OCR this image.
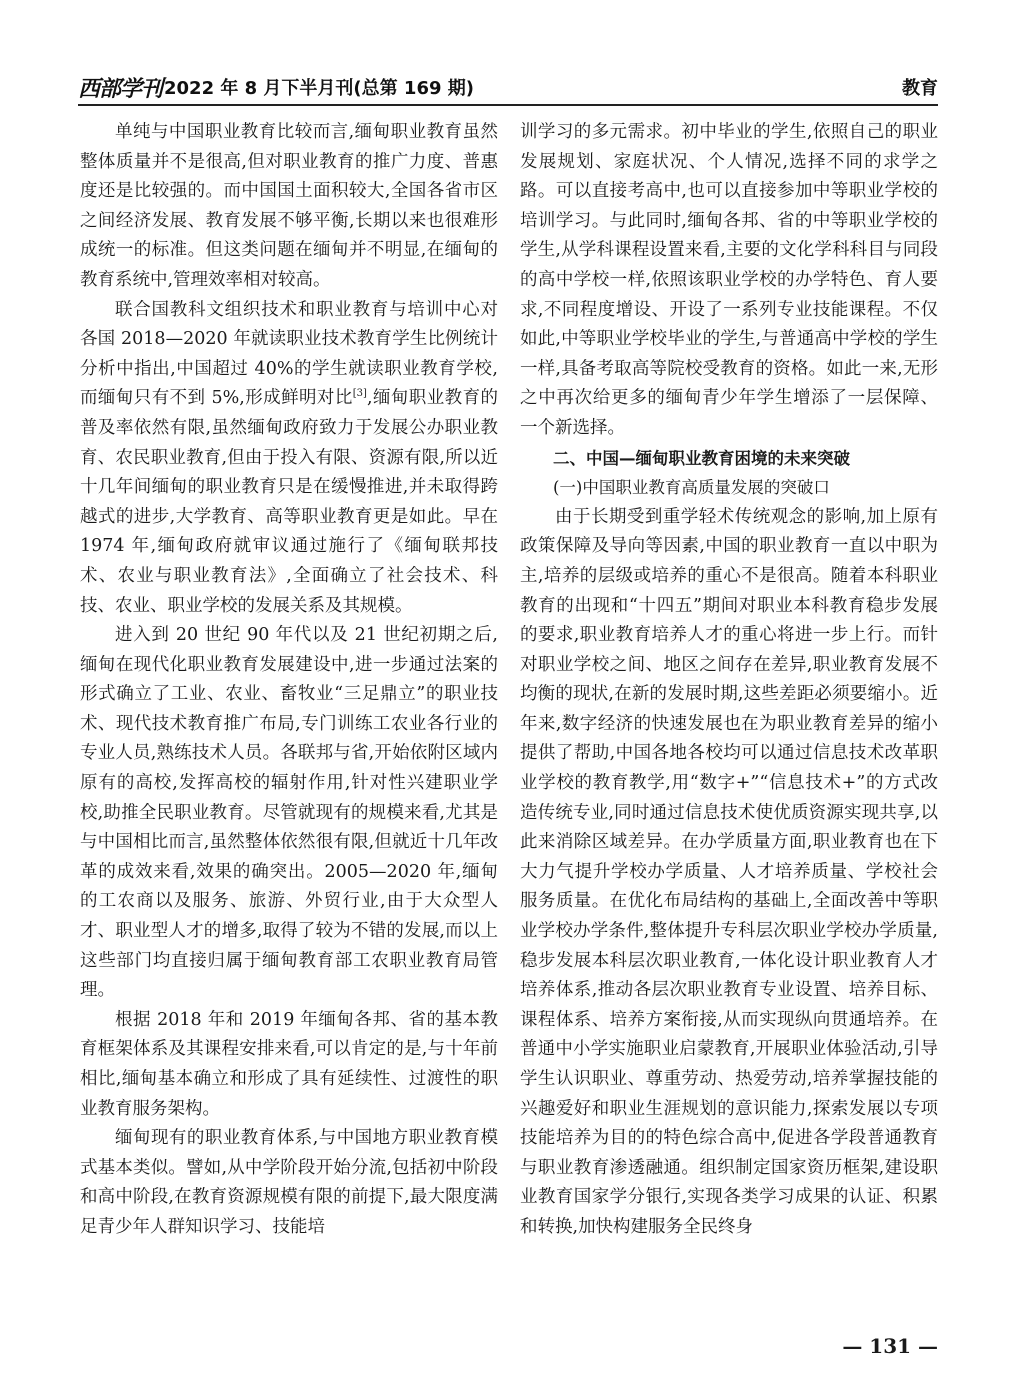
西部学刊 2022 年 8 月下半月刊(总第 169 期)	教育

单纯与中国职业教育比较而言,缅甸职业教育虽然整体质量并不是很高,但对职业教育的推广力度、普惠度还是比较强的。而中国国土面积较大,全国各省市区之间经济发展、教育发展不够平衡,长期以来也很难形成统一的标准。但这类问题在缅甸并不明显,在缅甸的教育系统中,管理效率相对较高。

联合国教科文组织技术和职业教育与培训中心对各国 2018—2020 年就读职业技术教育学生比例统计分析中指出,中国超过 40%的学生就读职业教育学校,而缅甸只有不到 5%,形成鲜明对比[3],缅甸职业教育的普及率依然有限,虽然缅甸政府致力于发展公办职业教育、农民职业教育,但由于投入有限、资源有限,所以近十几年间缅甸的职业教育只是在缓慢推进,并未取得跨越式的进步,大学教育、高等职业教育更是如此。早在 1974 年,缅甸政府就审议通过施行了《缅甸联邦技术、农业与职业教育法》,全面确立了社会技术、科技、农业、职业学校的发展关系及其规模。

进入到 20 世纪 90 年代以及 21 世纪初期之后,缅甸在现代化职业教育发展建设中,进一步通过法案的形式确立了工业、农业、畜牧业“三足鼎立”的职业技术、现代技术教育推广布局,专门训练工农业各行业的专业人员,熟练技术人员。各联邦与省,开始依附区域内原有的高校,发挥高校的辐射作用,针对性兴建职业学校,助推全民职业教育。尽管就现有的规模来看,尤其是与中国相比而言,虽然整体依然很有限,但就近十几年改革的成效来看,效果的确突出。2005—2020 年,缅甸的工农商以及服务、旅游、外贸行业,由于大众型人才、职业型人才的增多,取得了较为不错的发展,而以上这些部门均直接归属于缅甸教育部工农职业教育局管理。

根据 2018 年和 2019 年缅甸各邦、省的基本教育框架体系及其课程安排来看,可以肯定的是,与十年前相比,缅甸基本确立和形成了具有延续性、过渡性的职业教育服务架构。

缅甸现有的职业教育体系,与中国地方职业教育模式基本类似。譬如,从中学阶段开始分流,包括初中阶段和高中阶段,在教育资源规模有限的前提下,最大限度满足青少年人群知识学习、技能培

训学习的多元需求。初中毕业的学生,依照自己的职业发展规划、家庭状况、个人情况,选择不同的求学之路。可以直接考高中,也可以直接参加中等职业学校的培训学习。与此同时,缅甸各邦、省的中等职业学校的学生,从学科课程设置来看,主要的文化学科科目与同段的高中学校一样,依照该职业学校的办学特色、育人要求,不同程度增设、开设了一系列专业技能课程。不仅如此,中等职业学校毕业的学生,与普通高中学校的学生一样,具备考取高等院校受教育的资格。如此一来,无形之中再次给更多的缅甸青少年学生增添了一层保障、一个新选择。

二、中国—缅甸职业教育困境的未来突破

(一)中国职业教育高质量发展的突破口

由于长期受到重学轻术传统观念的影响,加上原有政策保障及导向等因素,中国的职业教育一直以中职为主,培养的层级或培养的重心不是很高。随着本科职业教育的出现和“十四五”期间对职业本科教育稳步发展的要求,职业教育培养人才的重心将进一步上行。而针对职业学校之间、地区之间存在差异,职业教育发展不均衡的现状,在新的发展时期,这些差距必须要缩小。近年来,数字经济的快速发展也在为职业教育差异的缩小提供了帮助,中国各地各校均可以通过信息技术改革职业学校的教育教学,用“数字+”“信息技术+”的方式改造传统专业,同时通过信息技术使优质资源实现共享,以此来消除区域差异。在办学质量方面,职业教育也在下大力气提升学校办学质量、人才培养质量、学校社会服务质量。在优化布局结构的基础上,全面改善中等职业学校办学条件,整体提升专科层次职业学校办学质量,稳步发展本科层次职业教育,一体化设计职业教育人才培养体系,推动各层次职业教育专业设置、培养目标、课程体系、培养方案衔接,从而实现纵向贯通培养。在普通中小学实施职业启蒙教育,开展职业体验活动,引导学生认识职业、尊重劳动、热爱劳动,培养掌握技能的兴趣爱好和职业生涯规划的意识能力,探索发展以专项技能培养为目的的特色综合高中,促进各学段普通教育与职业教育渗透融通。组织制定国家资历框架,建设职业教育国家学分银行,实现各类学习成果的认证、积累和转换,加快构建服务全民终身

— 131 —
